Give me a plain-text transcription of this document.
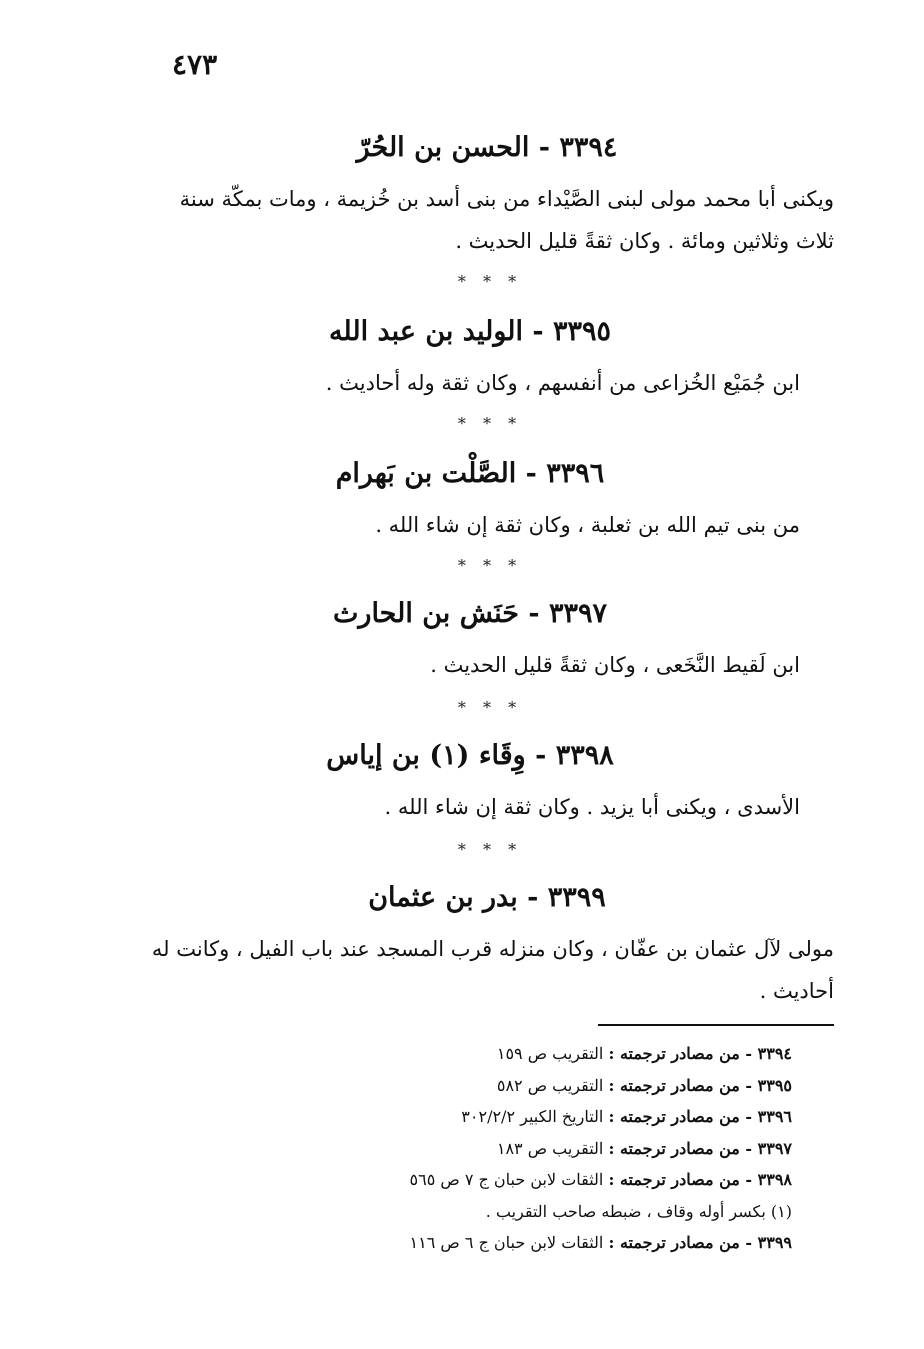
٤٧٣
٣٣٩٤ - الحسن بن الحُرّ
ويكنى أبا محمد مولى لبنى الصَّيْداء من بنى أسد بن خُزيمة ، ومات بمكّة سنة ثلاث وثلاثين ومائة . وكان ثقةً قليل الحديث .
* * *
٣٣٩٥ - الوليد بن عبد الله
ابن جُمَيْع الخُزاعى من أنفسهم ، وكان ثقة وله أحاديث .
* * *
٣٣٩٦ - الصَّلْت بن بَهرام
من بنى تيم الله بن ثعلبة ، وكان ثقة إن شاء الله .
* * *
٣٣٩٧ - حَنَش بن الحارث
ابن لَقيط النَّخَعى ، وكان ثقةً قليل الحديث .
* * *
٣٣٩٨ - وِقَاء (١) بن إياس
الأسدى ، ويكنى أبا يزيد . وكان ثقة إن شاء الله .
* * *
٣٣٩٩ - بدر بن عثمان
مولى لآل عثمان بن عفّان ، وكان منزله قرب المسجد عند باب الفيل ، وكانت له أحاديث .
٣٣٩٤ - من مصادر ترجمته : التقريب ص ١٥٩
٣٣٩٥ - من مصادر ترجمته : التقريب ص ٥٨٢
٣٣٩٦ - من مصادر ترجمته : التاريخ الكبير ٣٠٢/٢/٢
٣٣٩٧ - من مصادر ترجمته : التقريب ص ١٨٣
٣٣٩٨ - من مصادر ترجمته : الثقات لابن حبان ج ٧ ص ٥٦٥
(١) بكسر أوله وقاف ، ضبطه صاحب التقريب .
٣٣٩٩ - من مصادر ترجمته : الثقات لابن حبان ج ٦ ص ١١٦
